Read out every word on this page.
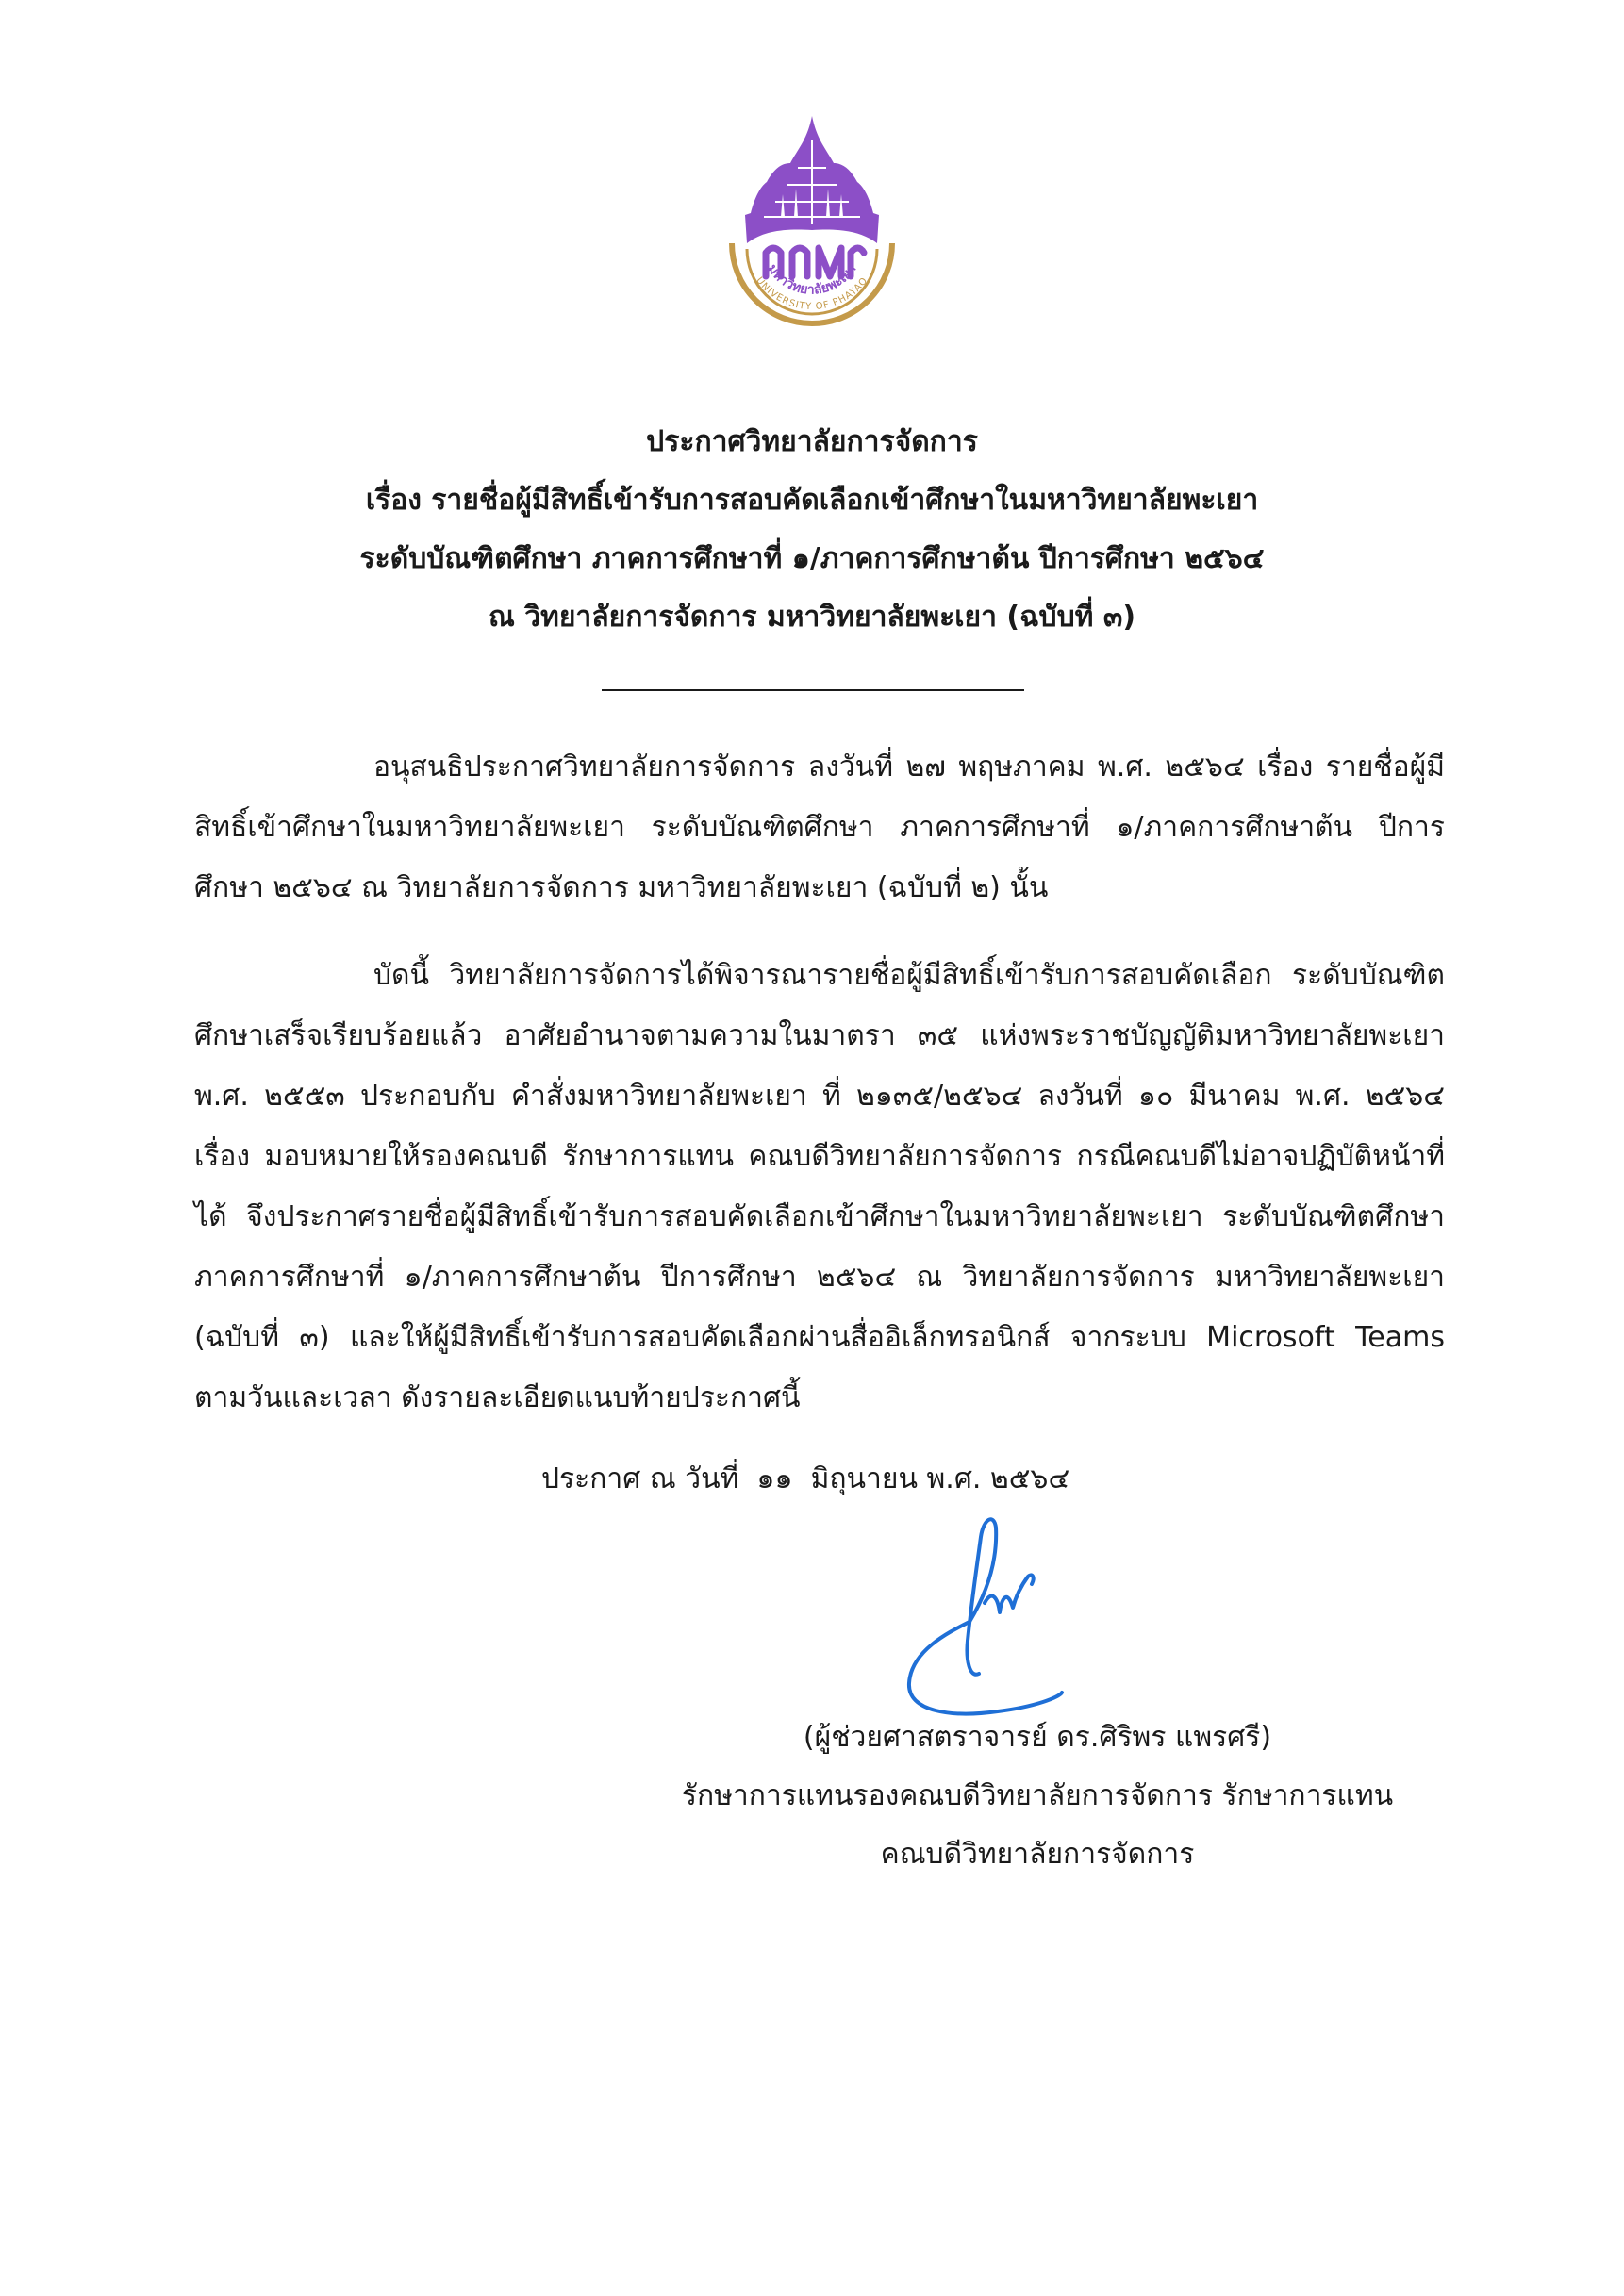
มหาวิทยาลัยพะเยา
UNIVERSITY OF PHAYAO
ประกาศวิทยาลัยการจัดการ
เรื่อง รายชื่อผู้มีสิทธิ์เข้ารับการสอบคัดเลือกเข้าศึกษาในมหาวิทยาลัยพะเยา
ระดับบัณฑิตศึกษา ภาคการศึกษาที่ ๑/ภาคการศึกษาต้น ปีการศึกษา ๒๕๖๔
ณ วิทยาลัยการจัดการ มหาวิทยาลัยพะเยา (ฉบับที่ ๓)
อนุสนธิประกาศวิทยาลัยการจัดการ ลงวันที่ ๒๗ พฤษภาคม พ.ศ. ๒๕๖๔ เรื่อง รายชื่อผู้มีสิทธิ์เข้าศึกษาในมหาวิทยาลัยพะเยา ระดับบัณฑิตศึกษา ภาคการศึกษาที่ ๑/ภาคการศึกษาต้น ปีการศึกษา ๒๕๖๔ ณ วิทยาลัยการจัดการ มหาวิทยาลัยพะเยา (ฉบับที่ ๒) นั้น
บัดนี้ วิทยาลัยการจัดการได้พิจารณารายชื่อผู้มีสิทธิ์เข้ารับการสอบคัดเลือก ระดับบัณฑิตศึกษาเสร็จเรียบร้อยแล้ว อาศัยอำนาจตามความในมาตรา ๓๕ แห่งพระราชบัญญัติมหาวิทยาลัยพะเยา พ.ศ. ๒๕๕๓ ประกอบกับ คำสั่งมหาวิทยาลัยพะเยา ที่ ๒๑๓๕/๒๕๖๔ ลงวันที่ ๑๐ มีนาคม พ.ศ. ๒๕๖๔ เรื่อง มอบหมายให้รองคณบดี รักษาการแทน คณบดีวิทยาลัยการจัดการ กรณีคณบดีไม่อาจปฏิบัติหน้าที่ได้ จึงประกาศรายชื่อผู้มีสิทธิ์เข้ารับการสอบคัดเลือกเข้าศึกษาในมหาวิทยาลัยพะเยา ระดับบัณฑิตศึกษา ภาคการศึกษาที่ ๑/ภาคการศึกษาต้น ปีการศึกษา ๒๕๖๔ ณ วิทยาลัยการจัดการ มหาวิทยาลัยพะเยา (ฉบับที่ ๓) และให้ผู้มีสิทธิ์เข้ารับการสอบคัดเลือกผ่านสื่ออิเล็กทรอนิกส์ จากระบบ Microsoft Teams ตามวันและเวลา ดังรายละเอียดแนบท้ายประกาศนี้
ประกาศ ณ วันที่  ๑๑  มิถุนายน พ.ศ. ๒๕๖๔
(ผู้ช่วยศาสตราจารย์ ดร.ศิริพร แพรศรี)
รักษาการแทนรองคณบดีวิทยาลัยการจัดการ รักษาการแทน
คณบดีวิทยาลัยการจัดการ
